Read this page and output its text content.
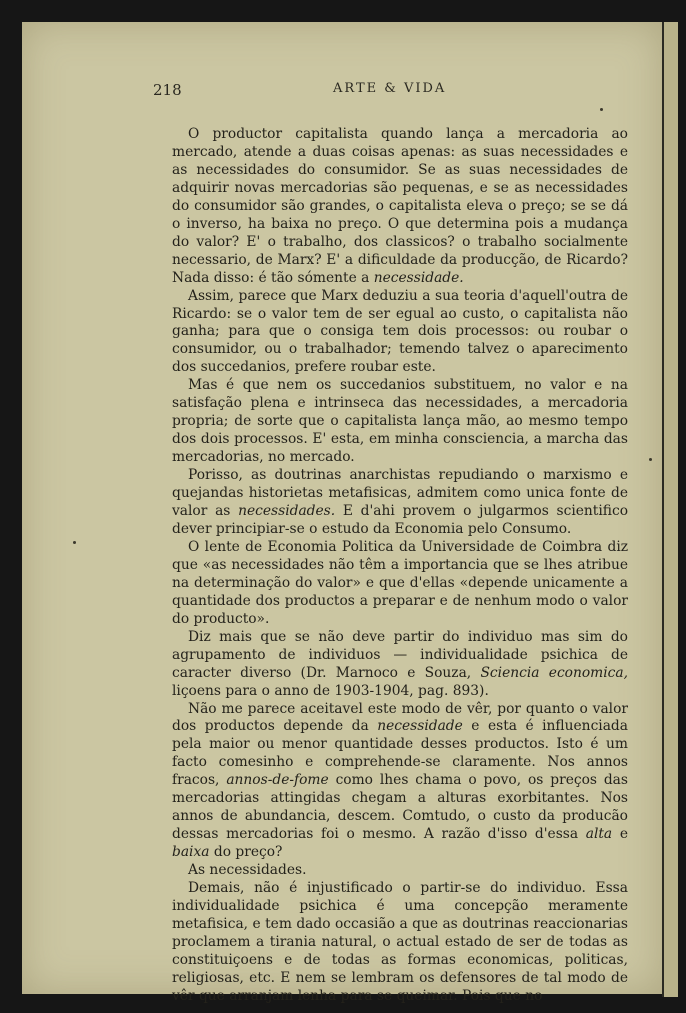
218	ARTE & VIDA

O productor capitalista quando lança a mercadoria ao mercado, atende a duas coisas apenas: as suas necessidades e as necessidades do consumidor. Se as suas necessidades de adquirir novas mercadorias são pequenas, e se as necessidades do consumidor são grandes, o capitalista eleva o preço; se se dá o inverso, ha baixa no preço. O que determina pois a mudança do valor? E' o trabalho, dos classicos? o trabalho socialmente necessario, de Marx? E' a dificuldade da producção, de Ricardo? Nada disso: é tão sómente a necessidade.

Assim, parece que Marx deduziu a sua teoria d'aquell'outra de Ricardo: se o valor tem de ser egual ao custo, o capitalista não ganha; para que o consiga tem dois processos: ou roubar o consumidor, ou o trabalhador; temendo talvez o aparecimento dos succedanios, prefere roubar este.

Mas é que nem os succedanios substituem, no valor e na satisfação plena e intrinseca das necessidades, a mercadoria propria; de sorte que o capitalista lança mão, ao mesmo tempo dos dois processos. E' esta, em minha consciencia, a marcha das mercadorias, no mercado.

Porisso, as doutrinas anarchistas repudiando o marxismo e quejandas historietas metafisicas, admitem como unica fonte de valor as necessidades. E d'ahi provem o julgarmos scientifico dever principiar-se o estudo da Economia pelo Consumo.

O lente de Economia Politica da Universidade de Coimbra diz que «as necessidades não têm a importancia que se lhes atribue na determinação do valor» e que d'ellas «depende unicamente a quantidade dos productos a preparar e de nenhum modo o valor do producto».

Diz mais que se não deve partir do individuo mas sim do agrupamento de individuos — individualidade psichica de caracter diverso (Dr. Marnoco e Souza, Sciencia economica, liçoens para o anno de 1903-1904, pag. 893).

Não me parece aceitavel este modo de vêr, por quanto o valor dos productos depende da necessidade e esta é influenciada pela maior ou menor quantidade desses productos. Isto é um facto comesinho e comprehende-se claramente. Nos annos fracos, annos-de-fome como lhes chama o povo, os preços das mercadorias attingidas chegam a alturas exorbitantes. Nos annos de abundancia, descem. Comtudo, o custo da producão dessas mercadorias foi o mesmo. A razão d'isso d'essa alta e baixa do preço?

As necessidades.

Demais, não é injustificado o partir-se do individuo. Essa individualidade psichica é uma concepção meramente metafisica, e tem dado occasião a que as doutrinas reaccionarias proclamem a tirania natural, o actual estado de ser de todas as constituiçoens e de todas as formas economicas, politicas, religiosas, etc. E nem se lembram os defensores de tal modo de vêr que arranjam lenha para se queimar. Pois que no
